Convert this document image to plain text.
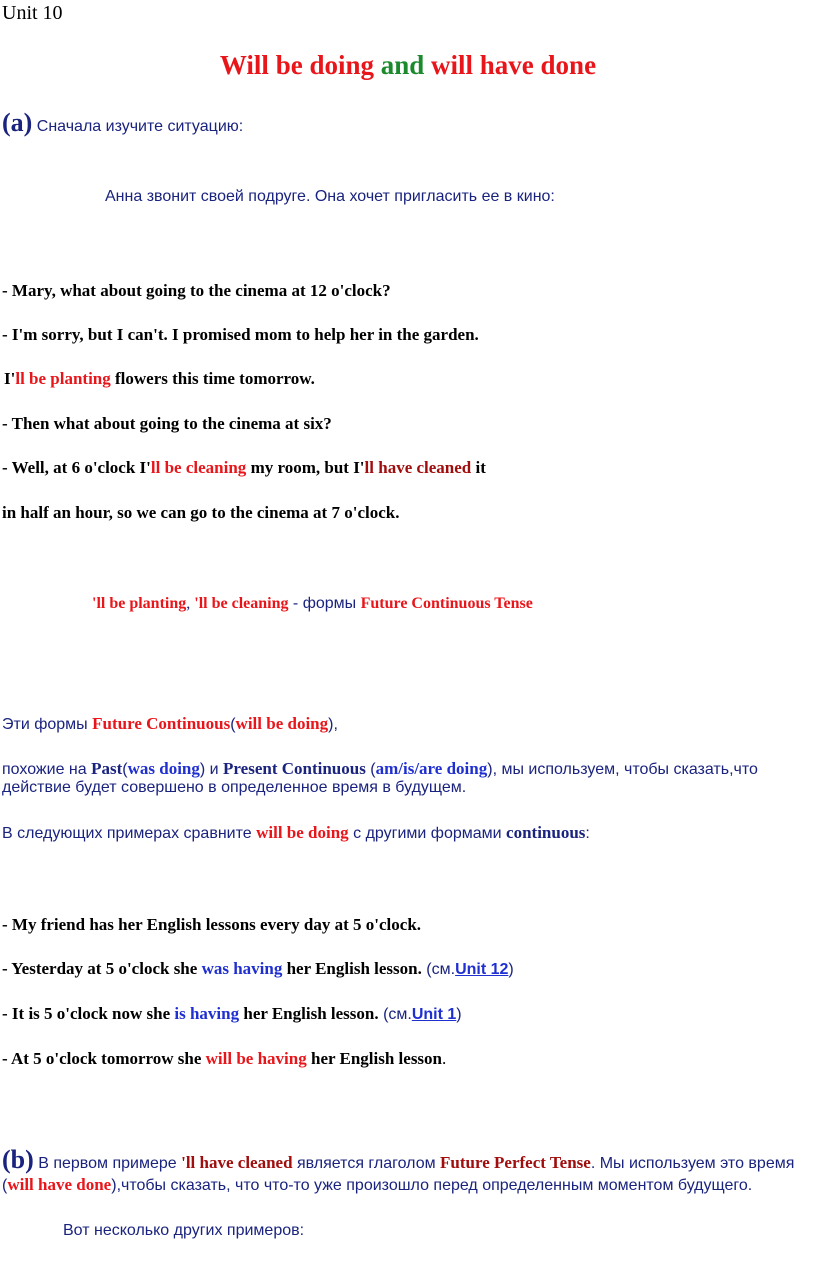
Unit 10
Will be doing and will have done
(a) Сначала изучите ситуацию:
Анна звонит своей подруге. Она хочет пригласить ее в кино:
- Mary, what about going to the cinema at 12 o'clock?
- I'm sorry, but I can't. I promised mom to help her in the garden.
I'll be planting flowers this time tomorrow.
- Then what about going to the cinema at six?
- Well, at 6 o'clock I'll be cleaning my room, but I'll have cleaned it
in half an hour, so we can go to the cinema at 7 o'clock.
'll be planting, 'll be cleaning - формы Future Continuous Tense
Эти формы Future Continuous(will be doing),
похожие на Past(was doing) и Present Continuous (am/is/are doing), мы используем, чтобы сказать,что
действие будет совершено в определенное время в будущем.
В следующих примерах сравните will be doing с другими формами continuous:
- My friend has her English lessons every day at 5 o'clock.
- Yesterday at 5 o'clock she was having her English lesson. (см.Unit 12)
- It is 5 o'clock now she is having her English lesson. (см.Unit 1)
- At 5 o'clock tomorrow she will be having her English lesson.
(b) В первом примере 'll have cleaned является глаголом Future Perfect Tense. Мы используем это время
(will have done),чтобы сказать, что что-то уже произошло перед определенным моментом будущего.
Вот несколько других примеров:
